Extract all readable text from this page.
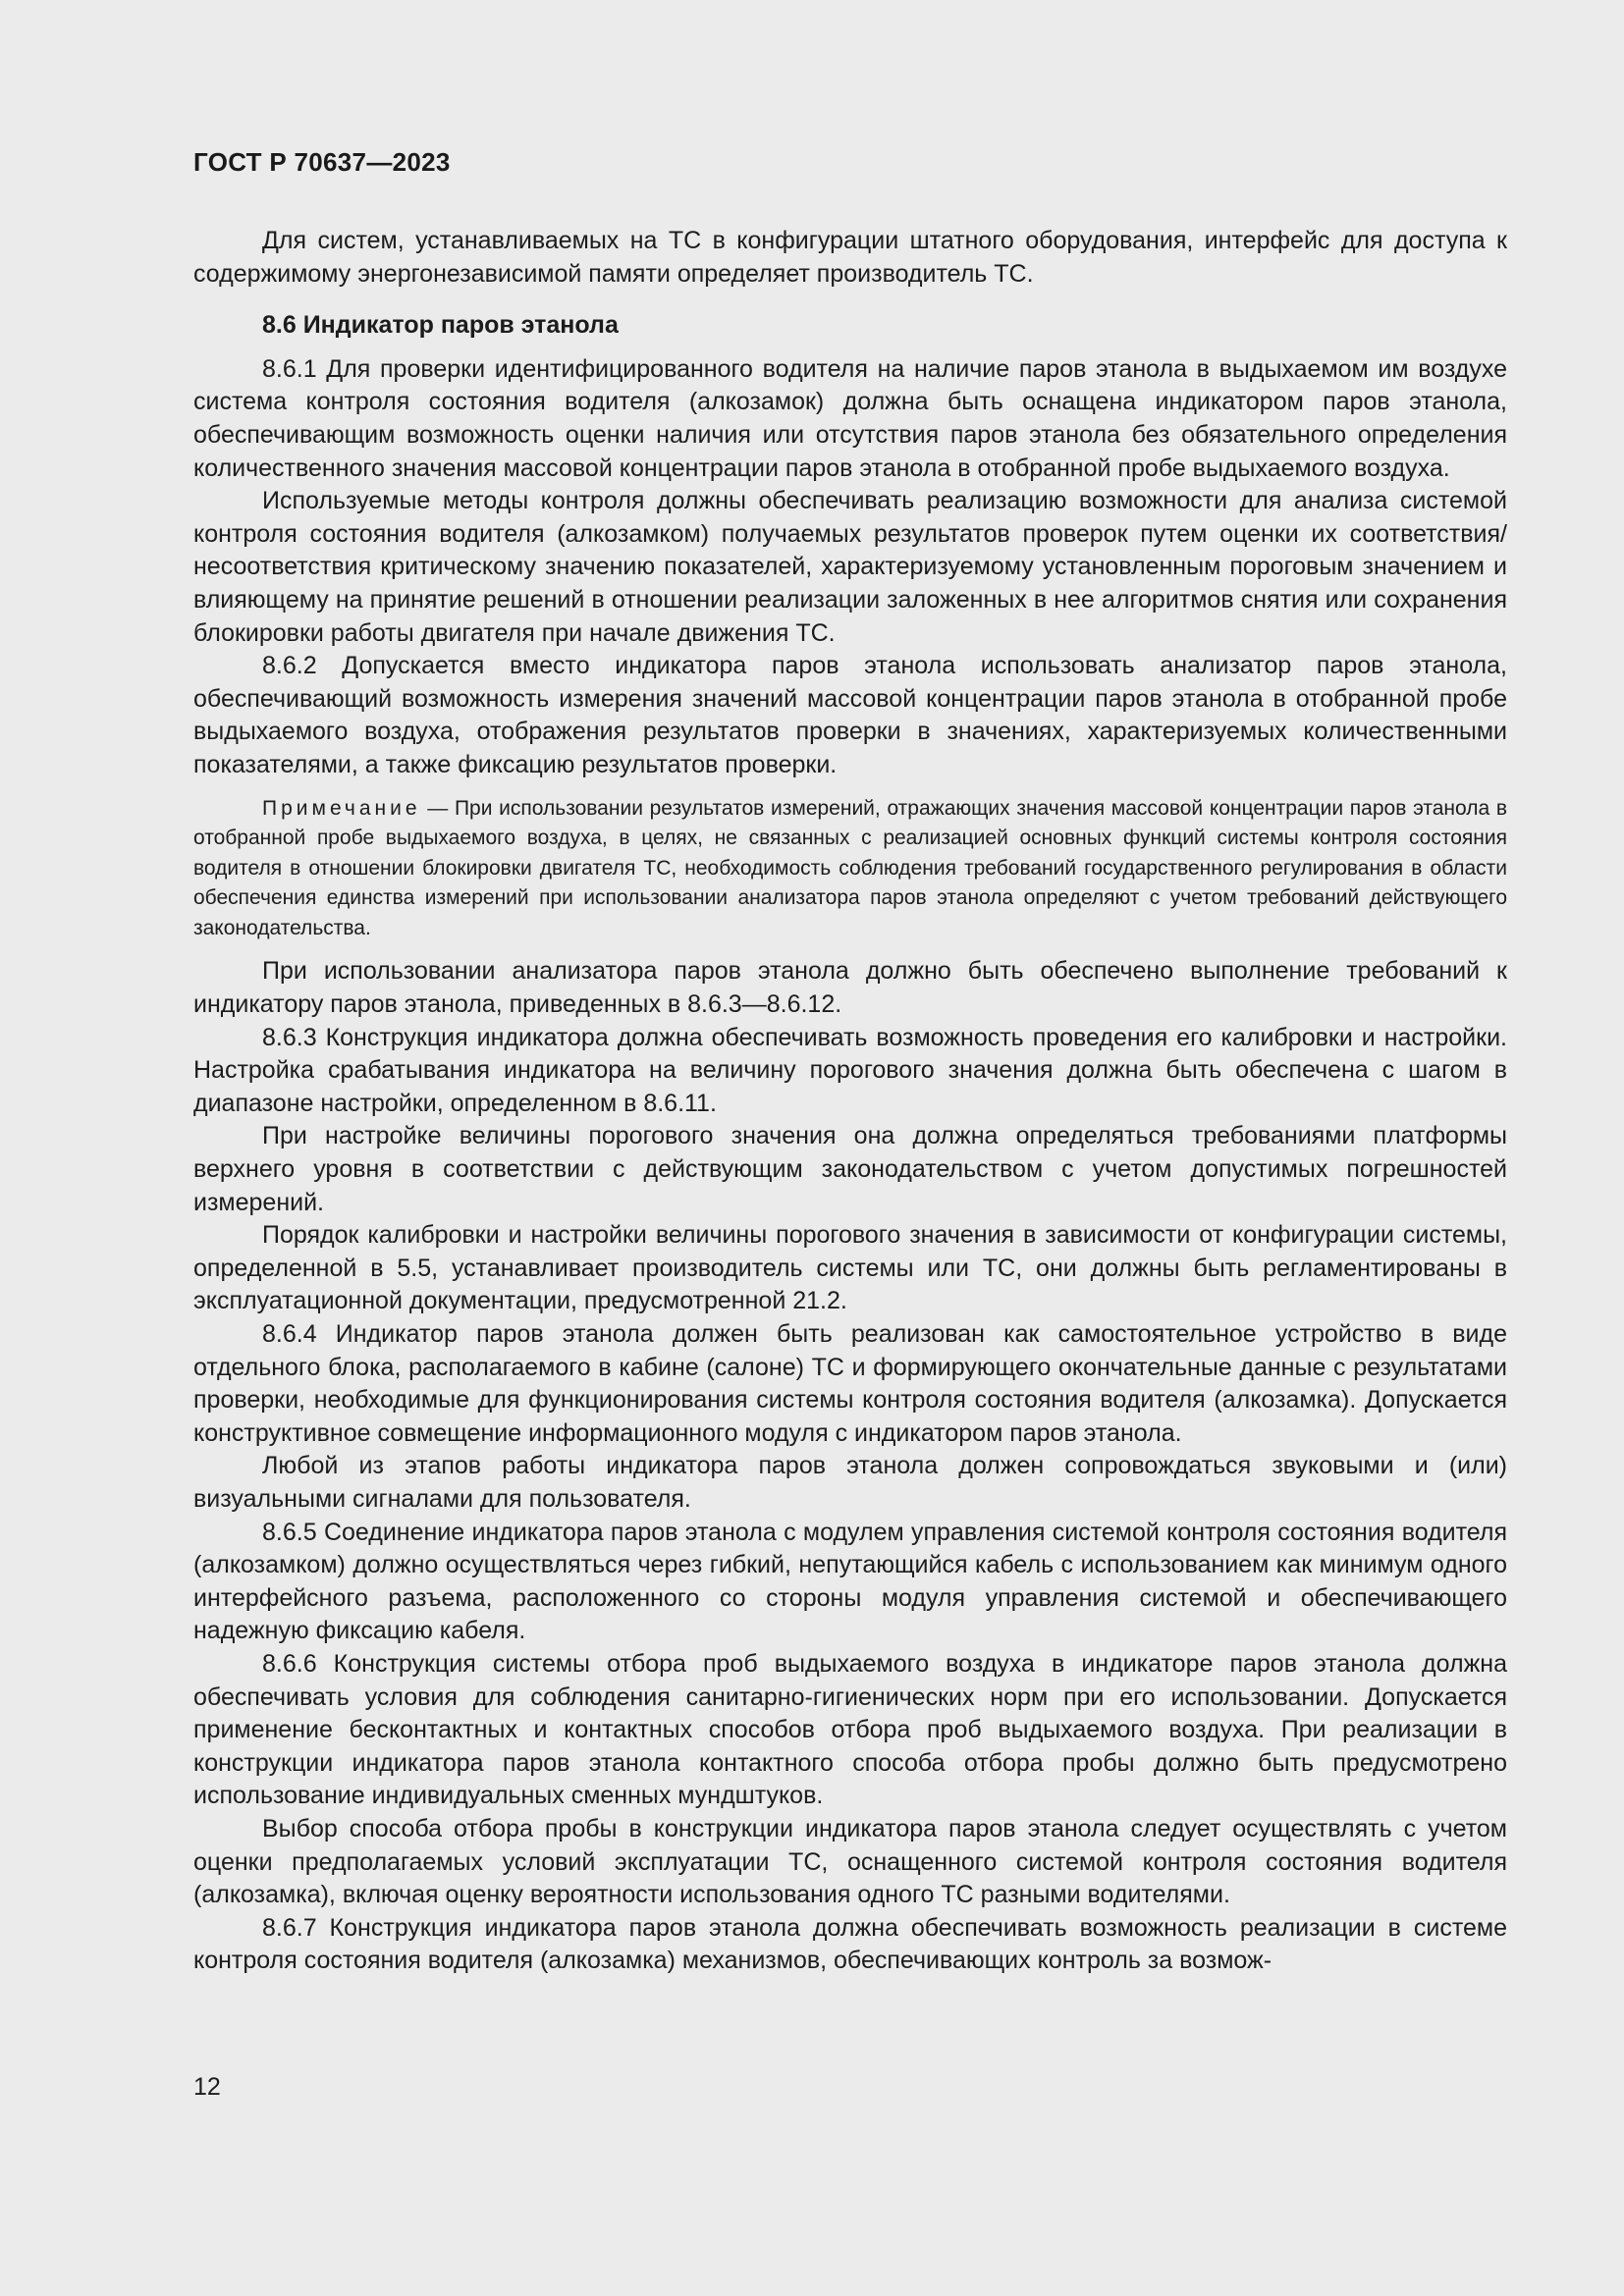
ГОСТ Р 70637—2023

Для систем, устанавливаемых на ТС в конфигурации штатного оборудования, интерфейс для доступа к содержимому энергонезависимой памяти определяет производитель ТС.

8.6 Индикатор паров этанола

8.6.1 Для проверки идентифицированного водителя на наличие паров этанола в выдыхаемом им воздухе система контроля состояния водителя (алкозамок) должна быть оснащена индикатором паров этанола, обеспечивающим возможность оценки наличия или отсутствия паров этанола без обязательного определения количественного значения массовой концентрации паров этанола в отобранной пробе выдыхаемого воздуха.

Используемые методы контроля должны обеспечивать реализацию возможности для анализа системой контроля состояния водителя (алкозамком) получаемых результатов проверок путем оценки их соответствия/несоответствия критическому значению показателей, характеризуемому установленным пороговым значением и влияющему на принятие решений в отношении реализации заложенных в нее алгоритмов снятия или сохранения блокировки работы двигателя при начале движения ТС.

8.6.2 Допускается вместо индикатора паров этанола использовать анализатор паров этанола, обеспечивающий возможность измерения значений массовой концентрации паров этанола в отобранной пробе выдыхаемого воздуха, отображения результатов проверки в значениях, характеризуемых количественными показателями, а также фиксацию результатов проверки.

Примечание — При использовании результатов измерений, отражающих значения массовой концентрации паров этанола в отобранной пробе выдыхаемого воздуха, в целях, не связанных с реализацией основных функций системы контроля состояния водителя в отношении блокировки двигателя ТС, необходимость соблюдения требований государственного регулирования в области обеспечения единства измерений при использовании анализатора паров этанола определяют с учетом требований действующего законодательства.

При использовании анализатора паров этанола должно быть обеспечено выполнение требований к индикатору паров этанола, приведенных в 8.6.3—8.6.12.

8.6.3 Конструкция индикатора должна обеспечивать возможность проведения его калибровки и настройки. Настройка срабатывания индикатора на величину порогового значения должна быть обеспечена с шагом в диапазоне настройки, определенном в 8.6.11.

При настройке величины порогового значения она должна определяться требованиями платформы верхнего уровня в соответствии с действующим законодательством с учетом допустимых погрешностей измерений.

Порядок калибровки и настройки величины порогового значения в зависимости от конфигурации системы, определенной в 5.5, устанавливает производитель системы или ТС, они должны быть регламентированы в эксплуатационной документации, предусмотренной 21.2.

8.6.4 Индикатор паров этанола должен быть реализован как самостоятельное устройство в виде отдельного блока, располагаемого в кабине (салоне) ТС и формирующего окончательные данные с результатами проверки, необходимые для функционирования системы контроля состояния водителя (алкозамка). Допускается конструктивное совмещение информационного модуля с индикатором паров этанола.

Любой из этапов работы индикатора паров этанола должен сопровождаться звуковыми и (или) визуальными сигналами для пользователя.

8.6.5 Соединение индикатора паров этанола с модулем управления системой контроля состояния водителя (алкозамком) должно осуществляться через гибкий, непутающийся кабель с использованием как минимум одного интерфейсного разъема, расположенного со стороны модуля управления системой и обеспечивающего надежную фиксацию кабеля.

8.6.6 Конструкция системы отбора проб выдыхаемого воздуха в индикаторе паров этанола должна обеспечивать условия для соблюдения санитарно-гигиенических норм при его использовании. Допускается применение бесконтактных и контактных способов отбора проб выдыхаемого воздуха. При реализации в конструкции индикатора паров этанола контактного способа отбора пробы должно быть предусмотрено использование индивидуальных сменных мундштуков.

Выбор способа отбора пробы в конструкции индикатора паров этанола следует осуществлять с учетом оценки предполагаемых условий эксплуатации ТС, оснащенного системой контроля состояния водителя (алкозамка), включая оценку вероятности использования одного ТС разными водителями.

8.6.7 Конструкция индикатора паров этанола должна обеспечивать возможность реализации в системе контроля состояния водителя (алкозамка) механизмов, обеспечивающих контроль за возмож-

12
